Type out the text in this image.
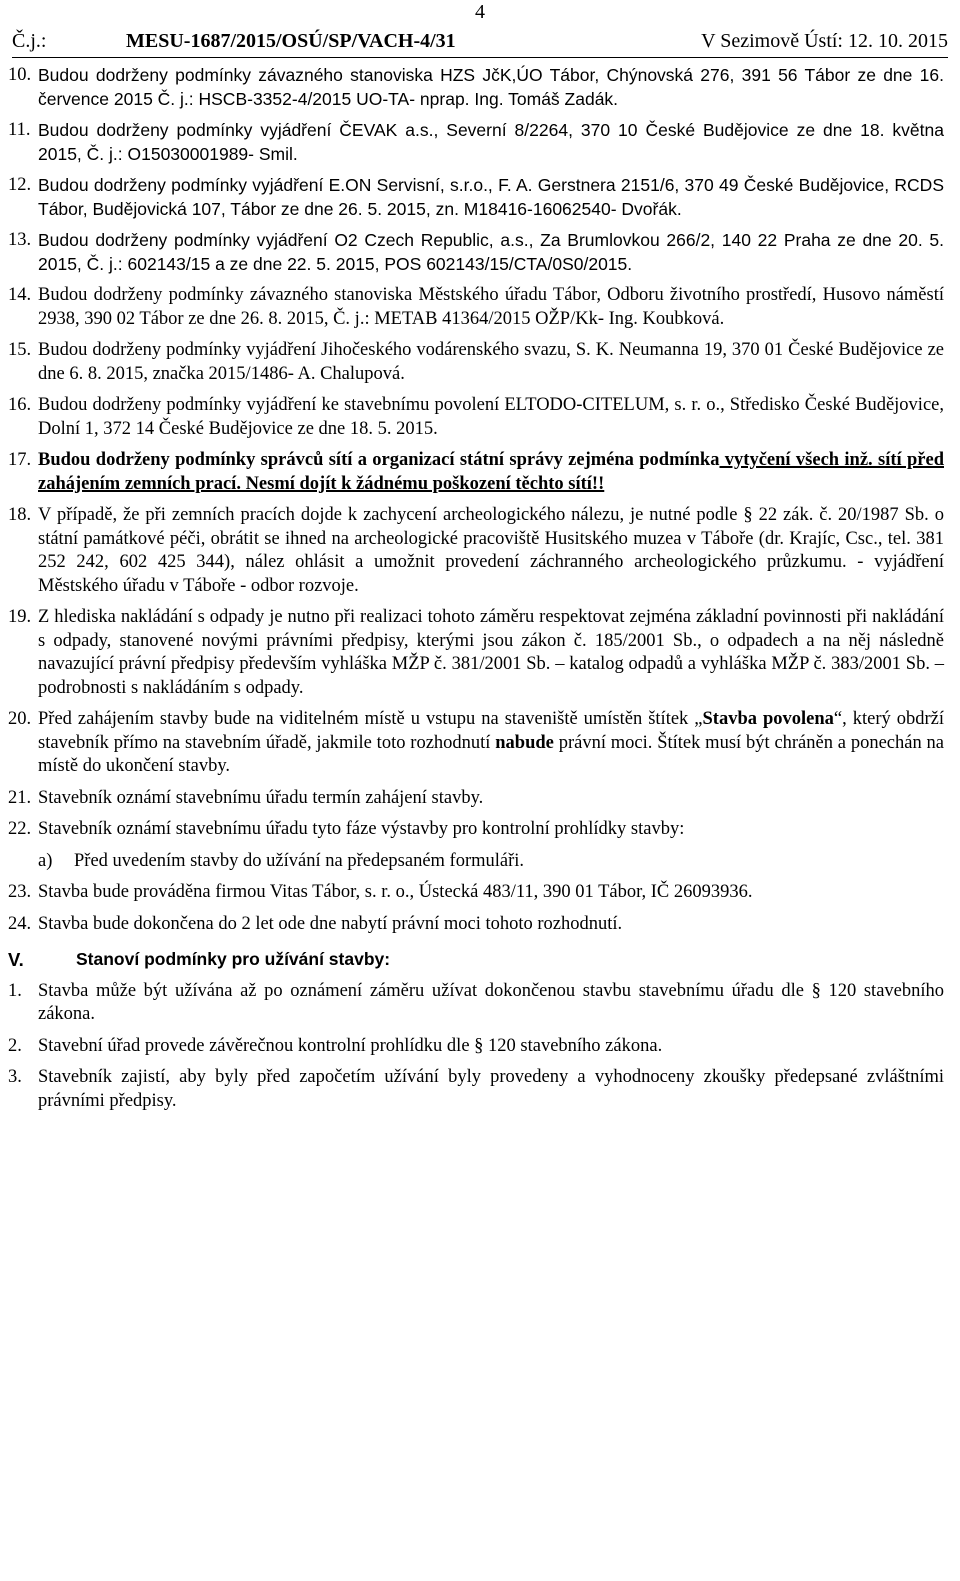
4
Č.j.:	MESU-1687/2015/OSÚ/SP/VACH-4/31	V Sezimově Ústí: 12. 10. 2015
10. Budou dodrženy podmínky závazného stanoviska HZS JčK,ÚO Tábor, Chýnovská 276, 391 56 Tábor ze dne 16. července 2015 Č. j.: HSCB-3352-4/2015 UO-TA- nprap. Ing. Tomáš Zadák.
11. Budou dodrženy podmínky vyjádření ČEVAK a.s., Severní 8/2264, 370 10 České Budějovice ze dne 18. května 2015, Č. j.: O15030001989- Smil.
12. Budou dodrženy podmínky vyjádření E.ON Servisní, s.r.o., F. A. Gerstnera 2151/6, 370 49 České Budějovice, RCDS Tábor, Budějovická 107, Tábor ze dne 26. 5. 2015, zn. M18416-16062540- Dvořák.
13. Budou dodrženy podmínky vyjádření O2 Czech Republic, a.s., Za Brumlovkou 266/2, 140 22 Praha ze dne 20. 5. 2015, Č. j.: 602143/15 a ze dne 22. 5. 2015, POS 602143/15/CTA/0S0/2015.
14. Budou dodrženy podmínky závazného stanoviska Městského úřadu Tábor, Odboru životního prostředí, Husovo náměstí 2938, 390 02 Tábor ze dne 26. 8. 2015, Č. j.: METAB 41364/2015 OŽP/Kk- Ing. Koubková.
15. Budou dodrženy podmínky vyjádření Jihočeského vodárenského svazu, S. K. Neumanna 19, 370 01 České Budějovice ze dne 6. 8. 2015, značka 2015/1486- A. Chalupová.
16. Budou dodrženy podmínky vyjádření ke stavebnímu povolení ELTODO-CITELUM, s. r. o., Středisko České Budějovice, Dolní 1, 372 14 České Budějovice ze dne 18. 5. 2015.
17. Budou dodrženy podmínky správců sítí a organizací státní správy zejména podmínka vytyčení všech inž. sítí před zahájením zemních prací. Nesmí dojít k žádnému poškození těchto sítí!!
18. V případě, že při zemních pracích dojde k zachycení archeologického nálezu, je nutné podle § 22 zák. č. 20/1987 Sb. o státní památkové péči, obrátit se ihned na archeologické pracoviště Husitského muzea v Táboře (dr. Krajíc, Csc., tel. 381 252 242, 602 425 344), nález ohlásit a umožnit provedení záchranného archeologického průzkumu. - vyjádření Městského úřadu v Táboře - odbor rozvoje.
19. Z hlediska nakládání s odpady je nutno při realizaci tohoto záměru respektovat zejména základní povinnosti při nakládání s odpady, stanovené novými právními předpisy, kterými jsou zákon č. 185/2001 Sb., o odpadech a na něj následně navazující právní předpisy především vyhláška MŽP č. 381/2001 Sb. – katalog odpadů a vyhláška MŽP č. 383/2001 Sb. – podrobnosti s nakládáním s odpady.
20. Před zahájením stavby bude na viditelném místě u vstupu na staveniště umístěn štítek „Stavba povolena“, který obdrží stavebník přímo na stavebním úřadě, jakmile toto rozhodnutí nabude právní moci. Štítek musí být chráněn a ponechán na místě do ukončení stavby.
21. Stavebník oznámí stavebnímu úřadu termín zahájení stavby.
22. Stavebník oznámí stavebnímu úřadu tyto fáze výstavby pro kontrolní prohlídky stavby:
a)	Před uvedením stavby do užívání na předepsaném formuláři.
23. Stavba bude prováděna firmou Vitas Tábor, s. r. o., Ústecká 483/11, 390 01 Tábor, IČ 26093936.
24. Stavba bude dokončena do 2 let ode dne nabytí právní moci tohoto rozhodnutí.
V.	Stanoví podmínky pro užívání stavby:
1. Stavba může být užívána až po oznámení záměru užívat dokončenou stavbu stavebnímu úřadu dle § 120 stavebního zákona.
2. Stavební úřad provede závěrečnou kontrolní prohlídku dle § 120 stavebního zákona.
3. Stavebník zajistí, aby byly před započetím užívání byly provedeny a vyhodnoceny zkoušky předepsané zvláštními právními předpisy.
